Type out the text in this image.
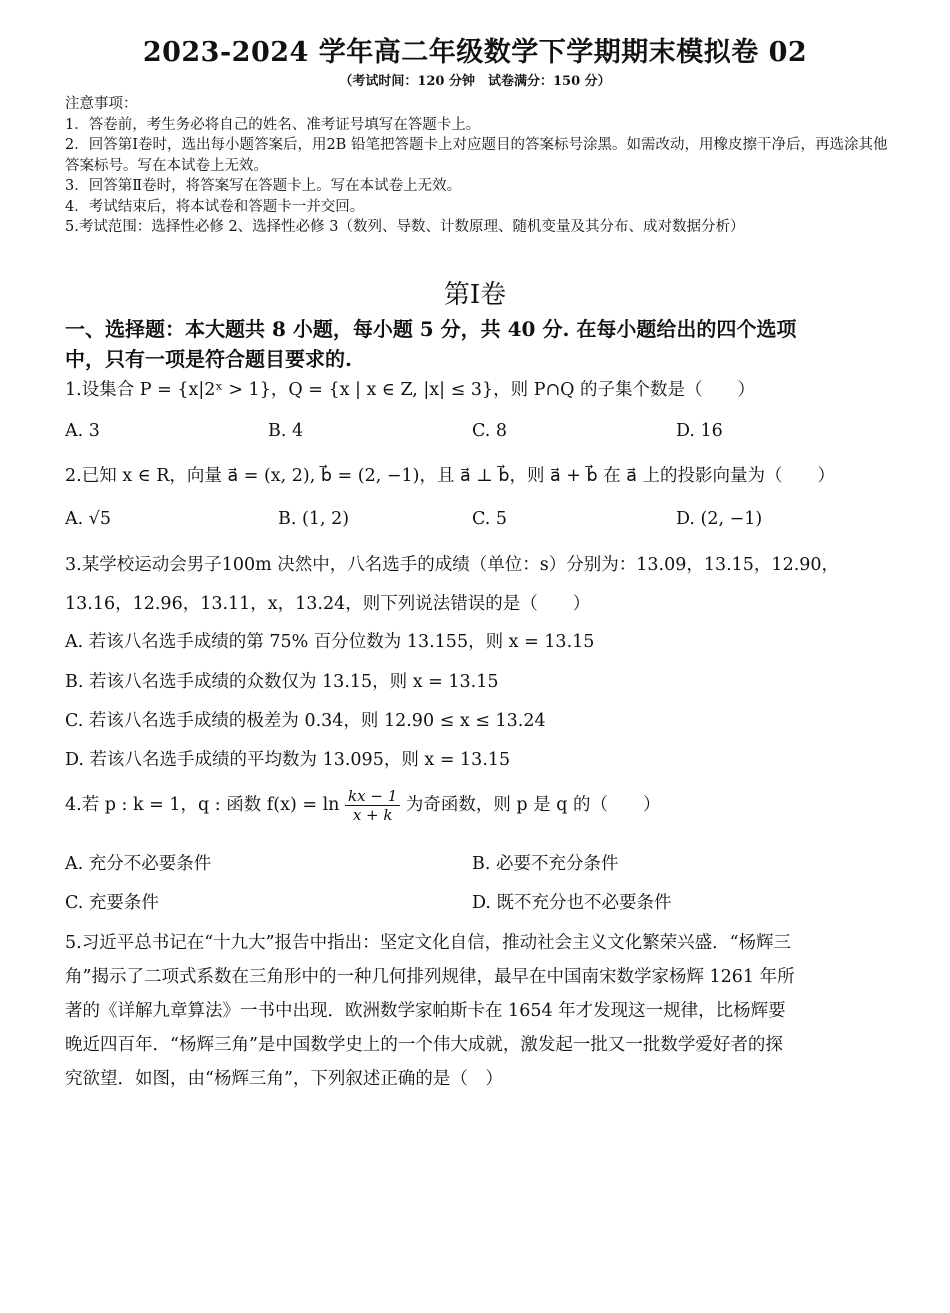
2023-2024 学年高二年级数学下学期期末模拟卷 02
（考试时间：120 分钟　试卷满分：150 分）
注意事项：
1．答卷前，考生务必将自己的姓名、准考证号填写在答题卡上。
2．回答第Ⅰ卷时，选出每小题答案后，用2B 铅笔把答题卡上对应题目的答案标号涂黑。如需改动，用橡皮擦干净后，再选涂其他答案标号。写在本试卷上无效。
3．回答第Ⅱ卷时，将答案写在答题卡上。写在本试卷上无效。
4．考试结束后，将本试卷和答题卡一并交回。
5.考试范围：选择性必修 2、选择性必修 3（数列、导数、计数原理、随机变量及其分布、成对数据分析）
第Ⅰ卷
一、选择题：本大题共 8 小题，每小题 5 分，共 40 分. 在每小题给出的四个选项
中，只有一项是符合题目要求的.
1.设集合 P = {x|2ˣ > 1}，Q = {x | x ∈ Z, |x| ≤ 3}，则 P∩Q 的子集个数是（　　）
A. 3	B. 4	C. 8	D. 16
2.已知 x ∈ R，向量 a⃗ = (x, 2), b⃗ = (2, −1)，且 a⃗ ⊥ b⃗，则 a⃗ + b⃗ 在 a⃗ 上的投影向量为（　　）
A. √5	B. (1, 2)	C. 5	D. (2, −1)
3.某学校运动会男子100m 决然中，八名选手的成绩（单位：s）分别为：13.09，13.15，12.90，
13.16，12.96，13.11，x，13.24，则下列说法错误的是（　　）
A. 若该八名选手成绩的第 75% 百分位数为 13.155，则 x = 13.15
B. 若该八名选手成绩的众数仅为 13.15，则 x = 13.15
C. 若该八名选手成绩的极差为 0.34，则 12.90 ≤ x ≤ 13.24
D. 若该八名选手成绩的平均数为 13.095，则 x = 13.15
4.若 p : k = 1，q : 函数 $f(x) = \ln \frac{kx - 1}{x + k}$ 为奇函数，则 p 是 q 的（　　）
A. 充分不必要条件	B. 必要不充分条件
C. 充要条件	D. 既不充分也不必要条件
5.习近平总书记在“十九大”报告中指出：坚定文化自信，推动社会主义文化繁荣兴盛．“杨辉三
角”揭示了二项式系数在三角形中的一种几何排列规律，最早在中国南宋数学家杨辉 1261 年所
著的《详解九章算法》一书中出现．欧洲数学家帕斯卡在 1654 年才发现这一规律，比杨辉要
晚近四百年．“杨辉三角”是中国数学史上的一个伟大成就，激发起一批又一批数学爱好者的探
究欲望．如图，由“杨辉三角”，下列叙述正确的是（　）
